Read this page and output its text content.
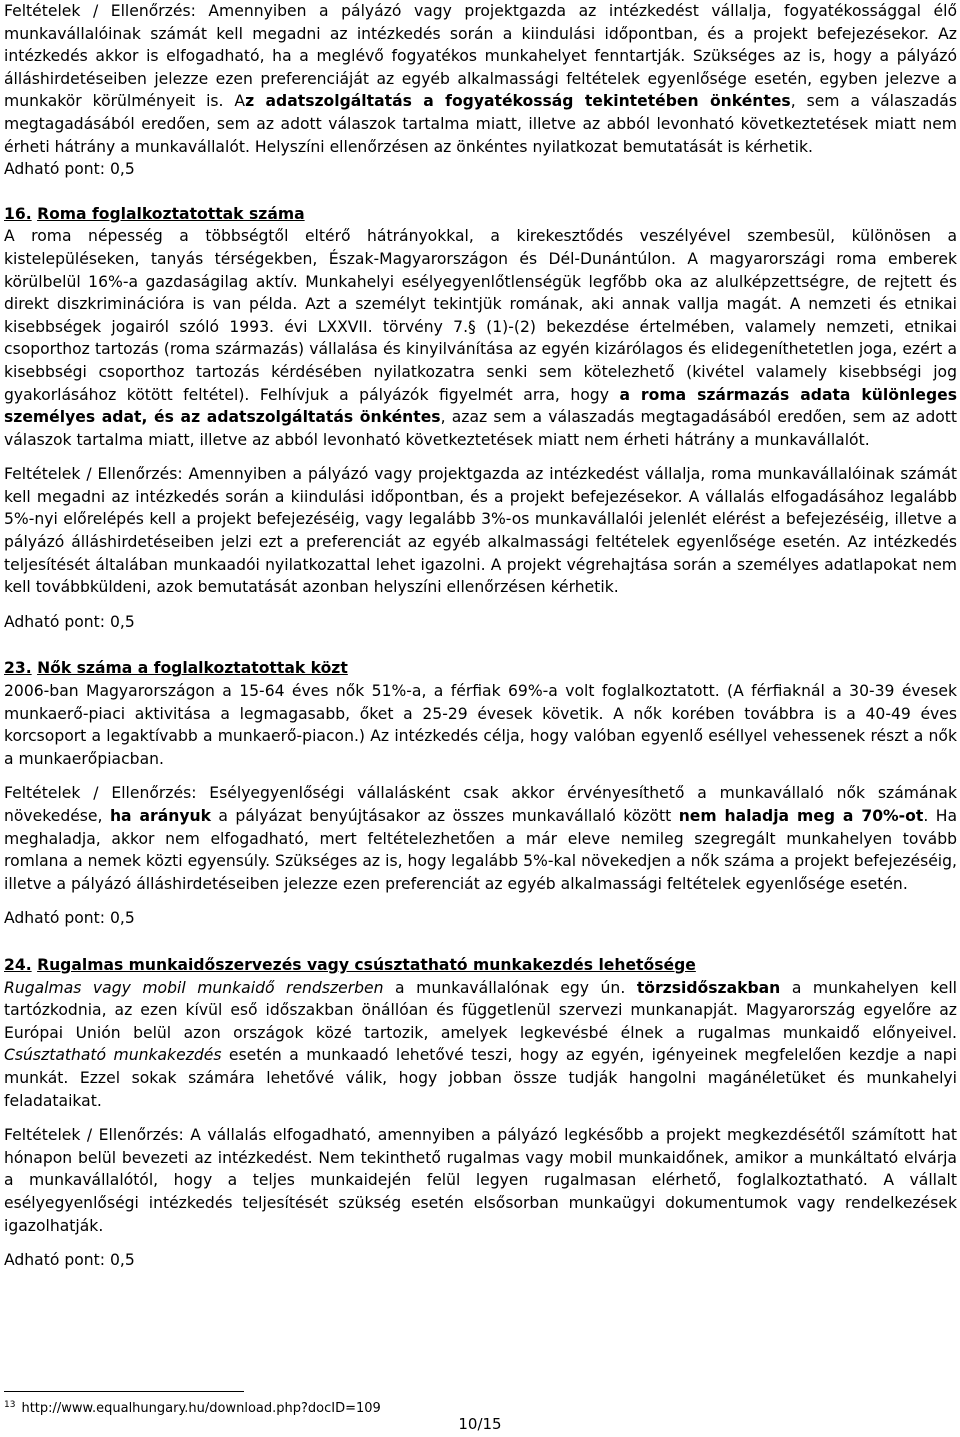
Feltételek / Ellenőrzés: Amennyiben a pályázó vagy projektgazda az intézkedést vállalja, fogyatékossággal élő munkavállalóinak számát kell megadni az intézkedés során a kiindulási időpontban, és a projekt befejezésekor. Az intézkedés akkor is elfogadható, ha a meglévő fogyatékos munkahelyet fenntartják. Szükséges az is, hogy a pályázó álláshirdetéseiben jelezze ezen preferenciáját az egyéb alkalmassági feltételek egyenlősége esetén, egyben jelezve a munkakör körülményeit is. Az adatszolgáltatás a fogyatékosság tekintetében önkéntes, sem a válaszadás megtagadásából eredően, sem az adott válaszok tartalma miatt, illetve az abból levonható következtetések miatt nem érheti hátrány a munkavállalót. Helyszíni ellenőrzésen az önkéntes nyilatkozat bemutatását is kérhetik.

Adható pont: 0,5

16. Roma foglalkoztatottak száma

A roma népesség a többségtől eltérő hátrányokkal, a kirekesztődés veszélyével szembesül, különösen a kistelepüléseken, tanyás térségekben, Észak-Magyarországon és Dél-Dunántúlon. A magyarországi roma emberek körülbelül 16%-a gazdaságilag aktív. Munkahelyi esélyegyenlőtlenségük legfőbb oka az alulképzettségre, de rejtett és direkt diszkriminációra is van példa. Azt a személyt tekintjük romának, aki annak vallja magát. A nemzeti és etnikai kisebbségek jogairól szóló 1993. évi LXXVII. törvény 7.§ (1)-(2) bekezdése értelmében, valamely nemzeti, etnikai csoporthoz tartozás (roma származás) vállalása és kinyilvánítása az egyén kizárólagos és elidegeníthetetlen joga, ezért a kisebbségi csoporthoz tartozás kérdésében nyilatkozatra senki sem kötelezhető (kivétel valamely kisebbségi jog gyakorlásához kötött feltétel). Felhívjuk a pályázók figyelmét arra, hogy a roma származás adata különleges személyes adat, és az adatszolgáltatás önkéntes, azaz sem a válaszadás megtagadásából eredően, sem az adott válaszok tartalma miatt, illetve az abból levonható következtetések miatt nem érheti hátrány a munkavállalót.

Feltételek / Ellenőrzés: Amennyiben a pályázó vagy projektgazda az intézkedést vállalja, roma munkavállalóinak számát kell megadni az intézkedés során a kiindulási időpontban, és a projekt befejezésekor. A vállalás elfogadásához legalább 5%-nyi előrelépés kell a projekt befejezéséig, vagy legalább 3%-os munkavállalói jelenlét elérést a befejezéséig, illetve a pályázó álláshirdetéseiben jelzi ezt a preferenciát az egyéb alkalmassági feltételek egyenlősége esetén. Az intézkedés teljesítését általában munkaadói nyilatkozattal lehet igazolni. A projekt végrehajtása során a személyes adatlapokat nem kell továbbküldeni, azok bemutatását azonban helyszíni ellenőrzésen kérhetik.

Adható pont: 0,5

23. Nők száma a foglalkoztatottak közt

2006-ban Magyarországon a 15-64 éves nők 51%-a, a férfiak 69%-a volt foglalkoztatott. (A férfiaknál a 30-39 évesek munkaerő-piaci aktivitása a legmagasabb, őket a 25-29 évesek követik. A nők korében továbbra is a 40-49 éves korcsoport a legaktívabb a munkaerő-piacon.) Az intézkedés célja, hogy valóban egyenlő eséllyel vehessenek részt a nők a munkaerőpiacban.

Feltételek / Ellenőrzés: Esélyegyenlőségi vállalásként csak akkor érvényesíthető a munkavállaló nők számának növekedése, ha arányuk a pályázat benyújtásakor az összes munkavállaló között nem haladja meg a 70%-ot. Ha meghaladja, akkor nem elfogadható, mert feltételezhetően a már eleve nemileg szegregált munkahelyen tovább romlana a nemek közti egyensúly. Szükséges az is, hogy legalább 5%-kal növekedjen a nők száma a projekt befejezéséig, illetve a pályázó álláshirdetéseiben jelezze ezen preferenciát az egyéb alkalmassági feltételek egyenlősége esetén.

Adható pont: 0,5

24. Rugalmas munkaidőszervezés vagy csúsztatható munkakezdés lehetősége

Rugalmas vagy mobil munkaidő rendszerben a munkavállalónak egy ún. törzsidőszakban a munkahelyen kell tartózkodnia, az ezen kívül eső időszakban önállóan és függetlenül szervezi munkanapját. Magyarország egyelőre az Európai Unión belül azon országok közé tartozik, amelyek legkevésbé élnek a rugalmas munkaidő előnyeivel. Csúsztatható munkakezdés esetén a munkaadó lehetővé teszi, hogy az egyén, igényeinek megfelelően kezdje a napi munkát. Ezzel sokak számára lehetővé válik, hogy jobban össze tudják hangolni magánéletüket és munkahelyi feladataikat.

Feltételek / Ellenőrzés: A vállalás elfogadható, amennyiben a pályázó legkésőbb a projekt megkezdésétől számított hat hónapon belül bevezeti az intézkedést. Nem tekinthető rugalmas vagy mobil munkaidőnek, amikor a munkáltató elvárja a munkavállalótól, hogy a teljes munkaidején felül legyen rugalmasan elérhető, foglalkoztatható. A vállalt esélyegyenlőségi intézkedés teljesítését szükség esetén elsősorban munkaügyi dokumentumok vagy rendelkezések igazolhatják.

Adható pont: 0,5

$^{13}$ http://www.equalhungary.hu/download.php?docID=109
10/15
